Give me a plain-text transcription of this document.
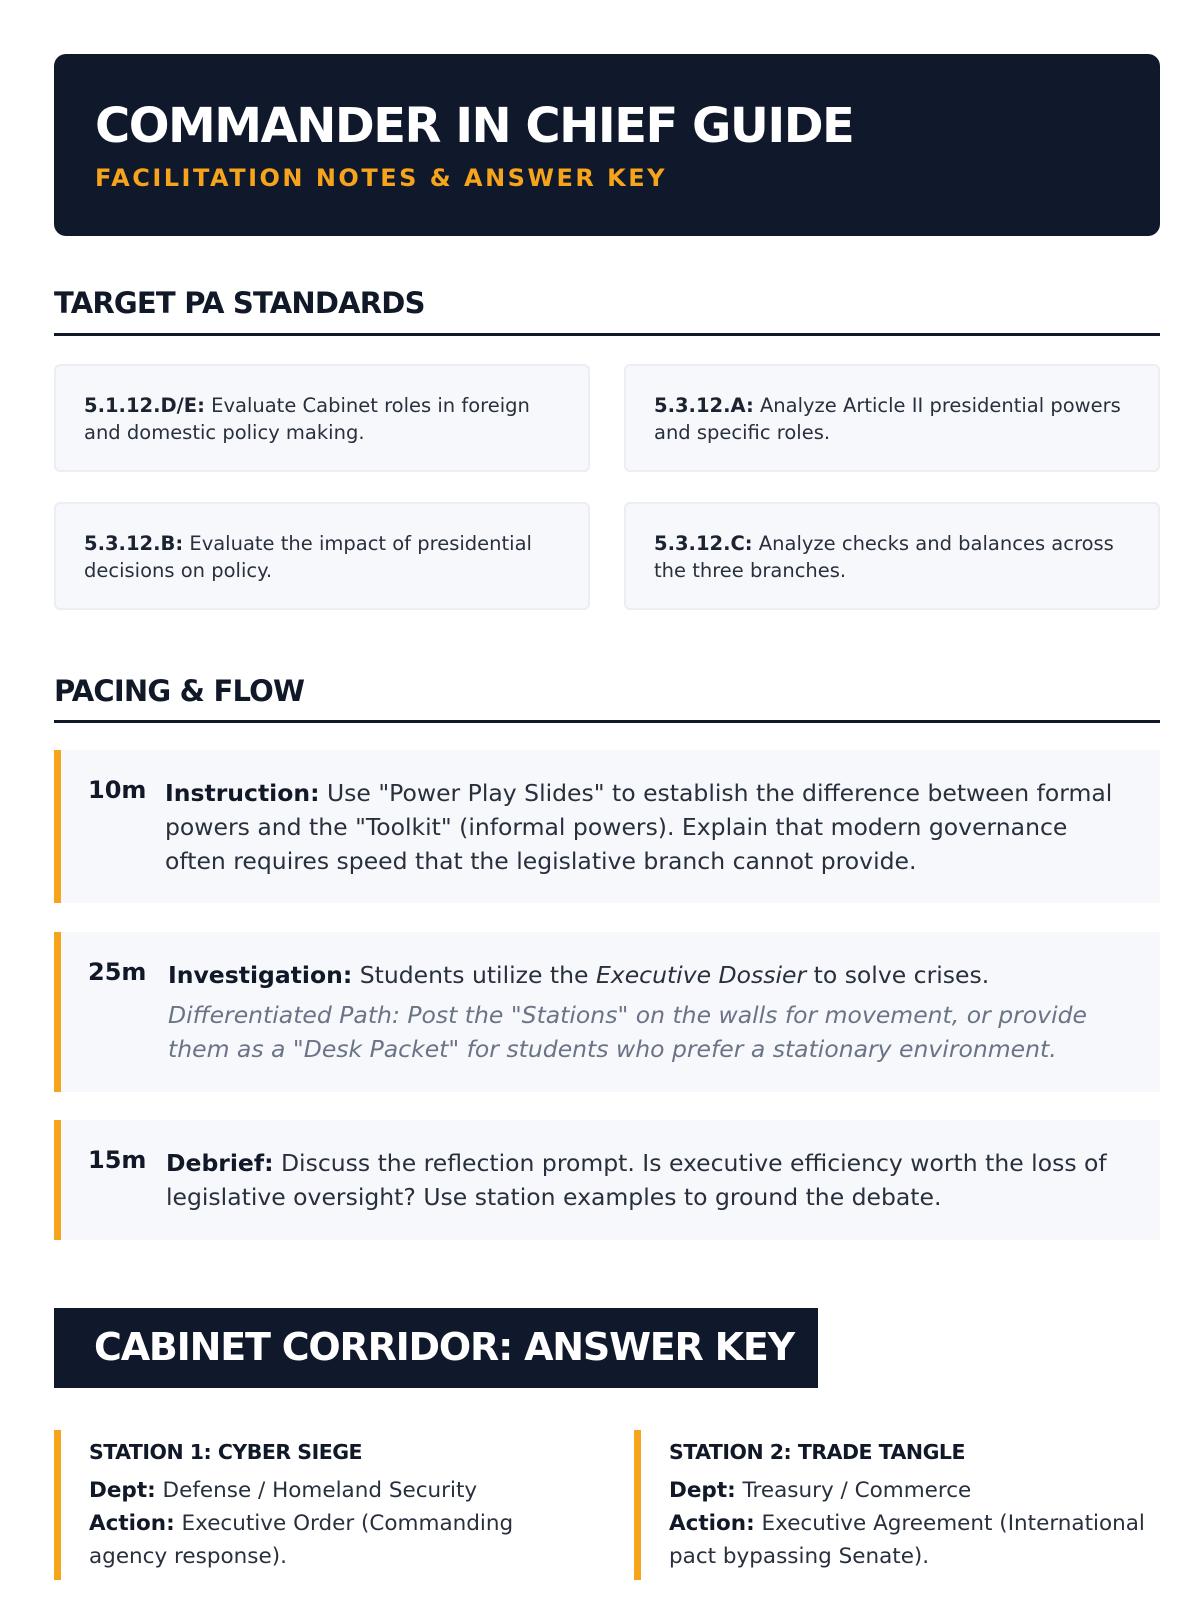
COMMANDER IN CHIEF GUIDE
FACILITATION NOTES & ANSWER KEY
TARGET PA STANDARDS
5.1.12.D/E: Evaluate Cabinet roles in foreign and domestic policy making.
5.3.12.A: Analyze Article II presidential powers and specific roles.
5.3.12.B: Evaluate the impact of presidential decisions on policy.
5.3.12.C: Analyze checks and balances across the three branches.
PACING & FLOW
10m Instruction: Use "Power Play Slides" to establish the difference between formal powers and the "Toolkit" (informal powers). Explain that modern governance often requires speed that the legislative branch cannot provide.
25m Investigation: Students utilize the Executive Dossier to solve crises.
Differentiated Path: Post the "Stations" on the walls for movement, or provide them as a "Desk Packet" for students who prefer a stationary environment.
15m Debrief: Discuss the reflection prompt. Is executive efficiency worth the loss of legislative oversight? Use station examples to ground the debate.
CABINET CORRIDOR: ANSWER KEY
STATION 1: CYBER SIEGE
Dept: Defense / Homeland Security
Action: Executive Order (Commanding agency response).
STATION 2: TRADE TANGLE
Dept: Treasury / Commerce
Action: Executive Agreement (International pact bypassing Senate).
